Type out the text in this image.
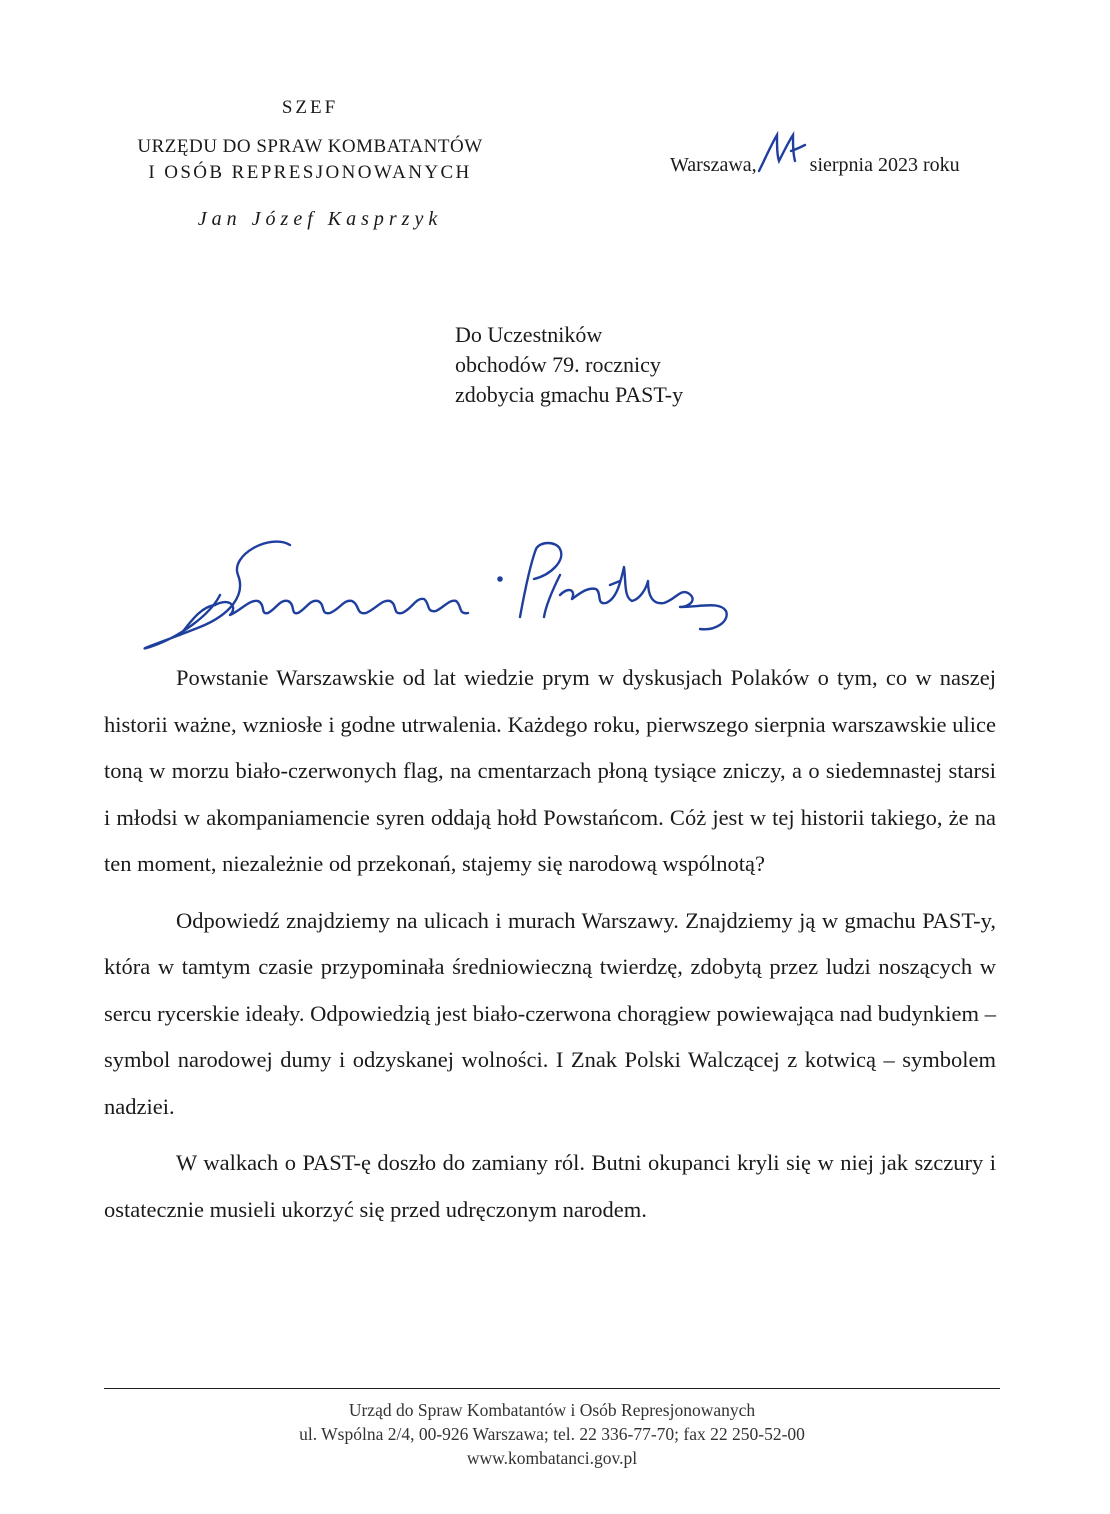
SZEF
URZĘDU DO SPRAW KOMBATANTÓW
I OSÓB REPRESJONOWANYCH
Jan Józef Kasprzyk
Warszawa,	sierpnia 2023 roku
Do Uczestników
obchodów 79. rocznicy
zdobycia gmachu PAST-y

Powstanie Warszawskie od lat wiedzie prym w dyskusjach Polaków o tym, co w naszej historii ważne, wzniosłe i godne utrwalenia. Każdego roku, pierwszego sierpnia warszawskie ulice toną w morzu biało-czerwonych flag, na cmentarzach płoną tysiące zniczy, a o siedemnastej starsi i młodsi w akompaniamencie syren oddają hołd Powstańcom. Cóż jest w tej historii takiego, że na ten moment, niezależnie od przekonań, stajemy się narodową wspólnotą?

Odpowiedź znajdziemy na ulicach i murach Warszawy. Znajdziemy ją w gmachu PAST-y, która w tamtym czasie przypominała średniowieczną twierdzę, zdobytą przez ludzi noszących w sercu rycerskie ideały. Odpowiedzią jest biało-czerwona chorągiew powiewająca nad budynkiem – symbol narodowej dumy i odzyskanej wolności. I Znak Polski Walczącej z kotwicą – symbolem nadziei.

W walkach o PAST-ę doszło do zamiany ról. Butni okupanci kryli się w niej jak szczury i ostatecznie musieli ukorzyć się przed udręczonym narodem.

Urząd do Spraw Kombatantów i Osób Represjonowanych
ul. Wspólna 2/4, 00-926 Warszawa; tel. 22 336-77-70; fax 22 250-52-00
www.kombatanci.gov.pl
